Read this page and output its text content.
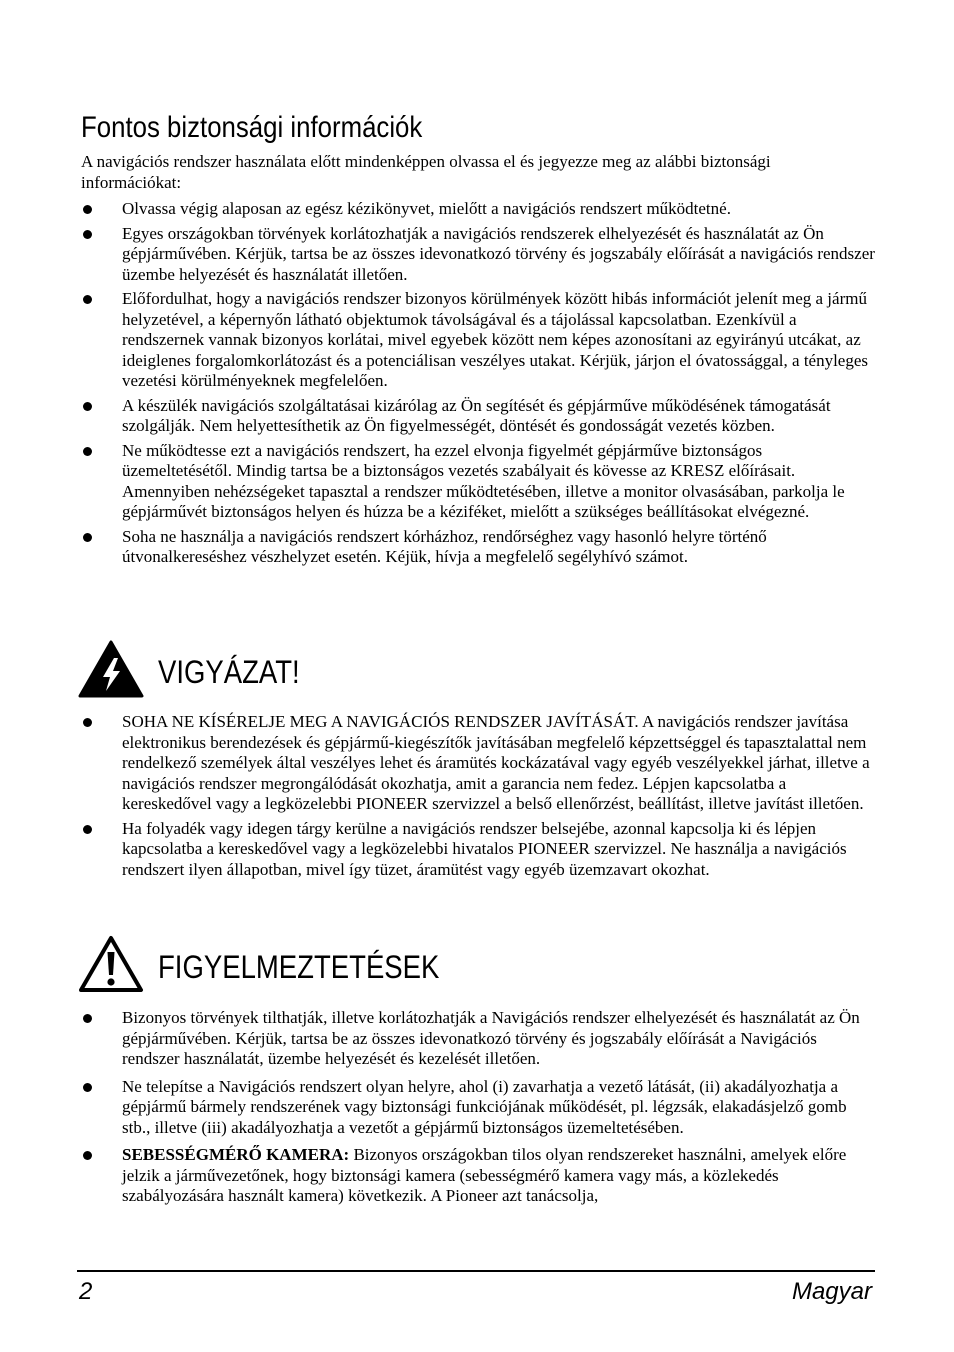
Fontos biztonsági információk

A navigációs rendszer használata előtt mindenképpen olvassa el és jegyezze meg az alábbi biztonsági információkat:

Olvassa végig alaposan az egész kézikönyvet, mielőtt a navigációs rendszert működtetné.
Egyes országokban törvények korlátozhatják a navigációs rendszerek elhelyezését és használatát az Ön gépjárművében. Kérjük, tartsa be az összes idevonatkozó törvény és jogszabály előírását a navigációs rendszer üzembe helyezését és használatát illetően.
Előfordulhat, hogy a navigációs rendszer bizonyos körülmények között hibás információt jelenít meg a jármű helyzetével, a képernyőn látható objektumok távolságával és a tájolással kapcsolatban. Ezenkívül a rendszernek vannak bizonyos korlátai, mivel egyebek között nem képes azonosítani az egyirányú utcákat, az ideiglenes forgalomkorlátozást és a potenciálisan veszélyes utakat. Kérjük, járjon el óvatossággal, a tényleges vezetési körülményeknek megfelelően.
A készülék navigációs szolgáltatásai kizárólag az Ön segítését és gépjárműve működésének támogatását szolgálják. Nem helyettesíthetik az Ön figyelmességét, döntését és gondosságát vezetés közben.
Ne működtesse ezt a navigációs rendszert, ha ezzel elvonja figyelmét gépjárműve biztonságos üzemeltetésétől. Mindig tartsa be a biztonságos vezetés szabályait és kövesse az KRESZ előírásait. Amennyiben nehézségeket tapasztal a rendszer működtetésében, illetve a monitor olvasásában, parkolja le gépjárművét biztonságos helyen és húzza be a kéziféket, mielőtt a szükséges beállításokat elvégezné.
Soha ne használja a navigációs rendszert kórházhoz, rendőrséghez vagy hasonló helyre történő útvonalkereséshez vészhelyzet esetén. Kéjük, hívja a megfelelő segélyhívó számot.
VIGYÁZAT!
SOHA NE KÍSÉRELJE MEG A NAVIGÁCIÓS RENDSZER JAVÍTÁSÁT. A navigációs rendszer javítása elektronikus berendezések és gépjármű-kiegészítők javításában megfelelő képzettséggel és tapasztalattal nem rendelkező személyek által veszélyes lehet és áramütés kockázatával vagy egyéb veszélyekkel járhat, illetve a navigációs rendszer megrongálódását okozhatja, amit a garancia nem fedez. Lépjen kapcsolatba a kereskedővel vagy a legközelebbi PIONEER szervizzel a belső ellenőrzést, beállítást, illetve javítást illetően.
Ha folyadék vagy idegen tárgy kerülne a navigációs rendszer belsejébe, azonnal kapcsolja ki és lépjen kapcsolatba a kereskedővel vagy a legközelebbi hivatalos PIONEER szervizzel. Ne használja a navigációs rendszert ilyen állapotban, mivel így tüzet, áramütést vagy egyéb üzemzavart okozhat.
FIGYELMEZTETÉSEK
Bizonyos törvények tilthatják, illetve korlátozhatják a Navigációs rendszer elhelyezését és használatát az Ön gépjárművében. Kérjük, tartsa be az összes idevonatkozó törvény és jogszabály előírását a Navigációs rendszer használatát, üzembe helyezését és kezelését illetően.
Ne telepítse a Navigációs rendszert olyan helyre, ahol (i) zavarhatja a vezető látását, (ii) akadályozhatja a gépjármű bármely rendszerének vagy biztonsági funkciójának működését, pl. légzsák, elakadásjelző gomb stb., illetve (iii) akadályozhatja a vezetőt a gépjármű biztonságos üzemeltetésében.
SEBESSÉGMÉRŐ KAMERA: Bizonyos országokban tilos olyan rendszereket használni, amelyek előre jelzik a járművezetőnek, hogy biztonsági kamera (sebességmérő kamera vagy más, a közlekedés szabályozására használt kamera) következik. A Pioneer azt tanácsolja,
2	Magyar
